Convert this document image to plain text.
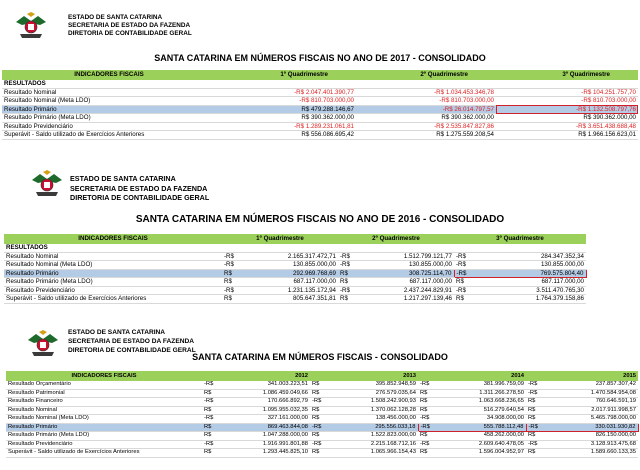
ESTADO DE SANTA CATARINA
SECRETARIA DE ESTADO DA FAZENDA
DIRETORIA DE CONTABILIDADE GERAL
SANTA CATARINA EM NÚMEROS FISCAIS NO ANO DE 2017 - CONSOLIDADO
INDICADORES FISCAIS	1º Quadrimestre	2º Quadrimestre	3º Quadrimestre
RESULTADOS			
Resultado Nominal	-R$ 2.047.401.390,77	-R$ 1.034.453.346,78	-R$ 104.251.757,70
Resultado Nominal (Meta LDO)	-R$ 810.703.000,00	-R$ 810.703.000,00	-R$ 810.703.000,00
Resultado Primário	R$ 479.288.146,67	-R$ 26.014.797,57	-R$ 1.132.508.797,76
Resultado Primário (Meta LDO)	R$ 390.362.000,00	R$ 390.362.000,00	R$ 390.362.000,00
Resultado Previdenciário	-R$ 1.289.231.061,81	-R$ 2.535.847.827,86	-R$ 3.651.438.688,48
Superávit - Saldo utilizado de Exercícios Anteriores	R$ 556.086.695,42	R$ 1.275.559.208,54	R$ 1.966.156.623,01
ESTADO DE SANTA CATARINA
SECRETARIA DE ESTADO DA FAZENDA
DIRETORIA DE CONTABILIDADE GERAL
SANTA CATARINA EM NÚMEROS FISCAIS NO ANO DE 2016 - CONSOLIDADO
INDICADORES FISCAIS	1º Quadrimestre		2º Quadrimestre		3º Quadrimestre	
RESULTADOS						
Resultado Nominal	-R$	2.165.317.472,71	-R$	1.512.799.121,77	-R$	284.347.352,34
Resultado Nominal (Meta LDO)	-R$	130.855.000,00	-R$	130.855.000,00	-R$	130.855.000,00
Resultado Primário	R$	292.969.768,69	R$	308.725.114,70	-R$	769.575.804,40
Resultado Primário (Meta LDO)	R$	687.117.000,00	R$	687.117.000,00	R$	687.117.000,00
Resultado Previdenciário	-R$	1.231.135.172,94	-R$	2.437.244.829,91	-R$	3.511.470.765,30
Superávit - Saldo utilizado de Exercícios Anteriores	R$	805.647.351,81	R$	1.217.297.139,46	R$	1.764.379.158,86
ESTADO DE SANTA CATARINA
SECRETARIA DE ESTADO DA FAZENDA
DIRETORIA DE CONTABILIDADE GERAL
SANTA CATARINA EM NÚMEROS FISCAIS - CONSOLIDADO
INDICADORES FISCAIS	2012		2013		2014		2015	
Resultado Orçamentário	-R$	341.003.223,51	R$	395.852.948,59	-R$	381.996.759,09	-R$	237.857.307,42
Resultado Patrimonial	R$	1.086.459.049,66	R$	276.579.035,64	R$	1.311.266.278,50	-R$	1.470.584.954,08
Resultado Financeiro	-R$	170.666.892,79	-R$	1.508.242.900,93	R$	1.063.668.236,65	R$	760.646.591,19
Resultado Nominal	R$	1.095.955.032,35	R$	1.370.062.128,28	R$	516.279.640,54	R$	2.017.911.998,57
Resultado Nominal (Meta LDO)	-R$	327.161.000,00	R$	138.456.000,00	-R$	34.908.000,00	R$	5.465.798.000,00
Resultado Primário	R$	869.463.844,08	-R$	295.556.033,18	-R$	555.788.112,48	-R$	330.031.930,82
Resultado Primário (Meta LDO)	R$	1.047.288.000,00	R$	1.522.823.000,00	R$	458.262.000,00	R$	826.150.000,00
Resultado Previdenciário	-R$	1.916.991.801,88	-R$	2.215.168.712,16	-R$	2.609.640.478,05	-R$	3.128.913.475,68
Superávit - Saldo utilizado de Exercícios Anteriores	R$	1.293.445.825,10	R$	1.065.966.154,43	R$	1.596.004.952,97	R$	1.589.660.133,35
